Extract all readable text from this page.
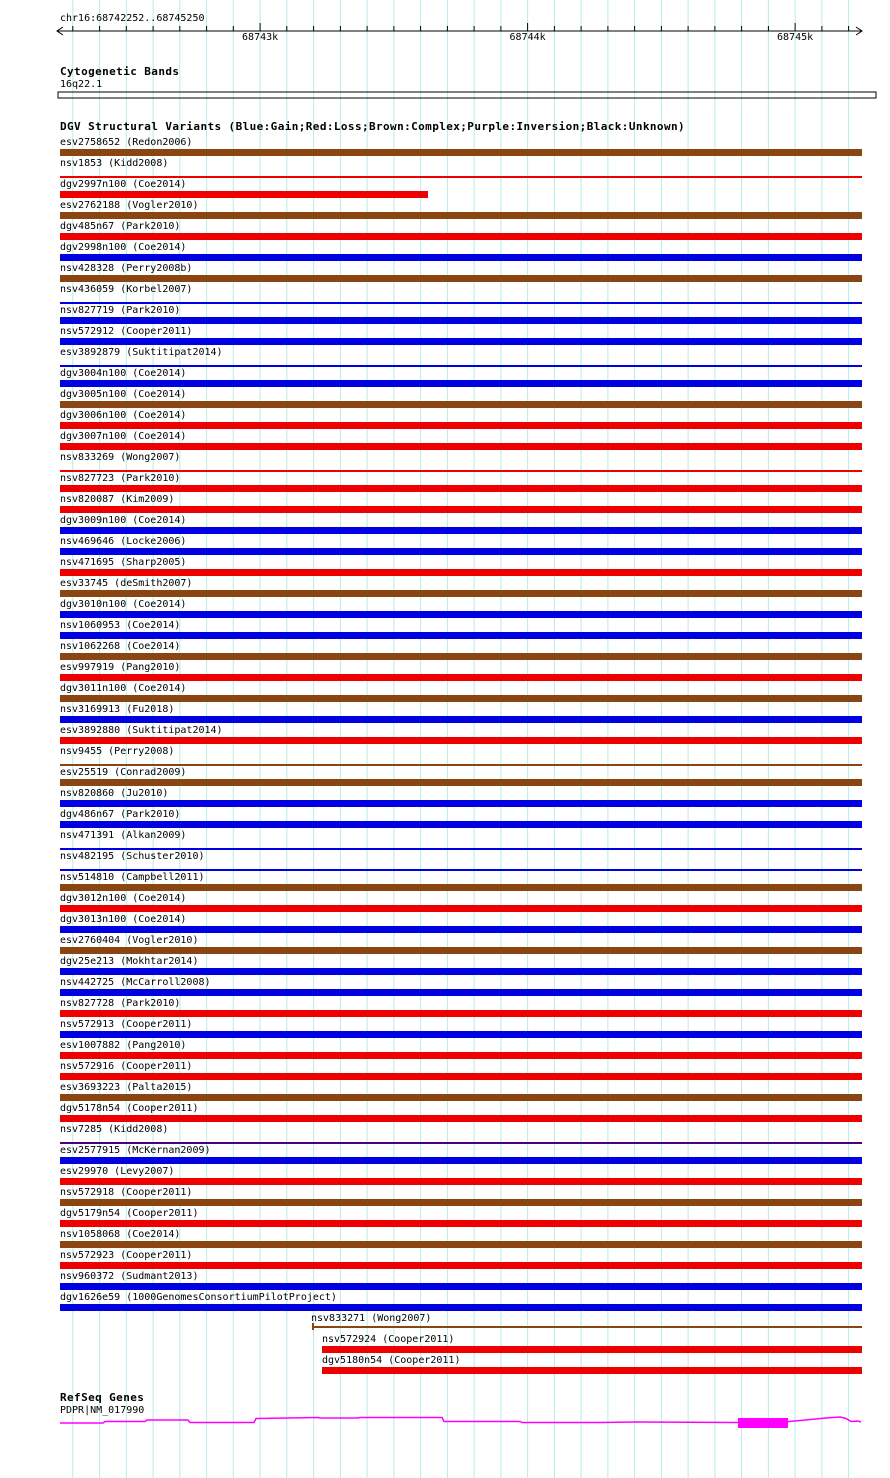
chr16:68742252..68745250
68743k	68744k	68745k
Cytogenetic Bands
16q22.1
DGV Structural Variants (Blue:Gain;Red:Loss;Brown:Complex;Purple:Inversion;Black:Unknown)
esv2758652 (Redon2006)
nsv1853 (Kidd2008)
dgv2997n100 (Coe2014)
esv2762188 (Vogler2010)
dgv485n67 (Park2010)
dgv2998n100 (Coe2014)
nsv428328 (Perry2008b)
nsv436059 (Korbel2007)
nsv827719 (Park2010)
nsv572912 (Cooper2011)
esv3892879 (Suktitipat2014)
dgv3004n100 (Coe2014)
dgv3005n100 (Coe2014)
dgv3006n100 (Coe2014)
dgv3007n100 (Coe2014)
nsv833269 (Wong2007)
nsv827723 (Park2010)
nsv820087 (Kim2009)
dgv3009n100 (Coe2014)
nsv469646 (Locke2006)
nsv471695 (Sharp2005)
esv33745 (deSmith2007)
dgv3010n100 (Coe2014)
nsv1060953 (Coe2014)
nsv1062268 (Coe2014)
esv997919 (Pang2010)
dgv3011n100 (Coe2014)
nsv3169913 (Fu2018)
esv3892880 (Suktitipat2014)
nsv9455 (Perry2008)
esv25519 (Conrad2009)
nsv820860 (Ju2010)
dgv486n67 (Park2010)
nsv471391 (Alkan2009)
nsv482195 (Schuster2010)
nsv514810 (Campbell2011)
dgv3012n100 (Coe2014)
dgv3013n100 (Coe2014)
esv2760404 (Vogler2010)
dgv25e213 (Mokhtar2014)
nsv442725 (McCarroll2008)
nsv827728 (Park2010)
nsv572913 (Cooper2011)
esv1007882 (Pang2010)
nsv572916 (Cooper2011)
esv3693223 (Palta2015)
dgv5178n54 (Cooper2011)
nsv7285 (Kidd2008)
esv2577915 (McKernan2009)
esv29970 (Levy2007)
nsv572918 (Cooper2011)
dgv5179n54 (Cooper2011)
nsv1058068 (Coe2014)
nsv572923 (Cooper2011)
nsv960372 (Sudmant2013)
dgv1626e59 (1000GenomesConsortiumPilotProject)
nsv833271 (Wong2007)
nsv572924 (Cooper2011)
dgv5180n54 (Cooper2011)
RefSeq Genes
PDPR|NM_017990
